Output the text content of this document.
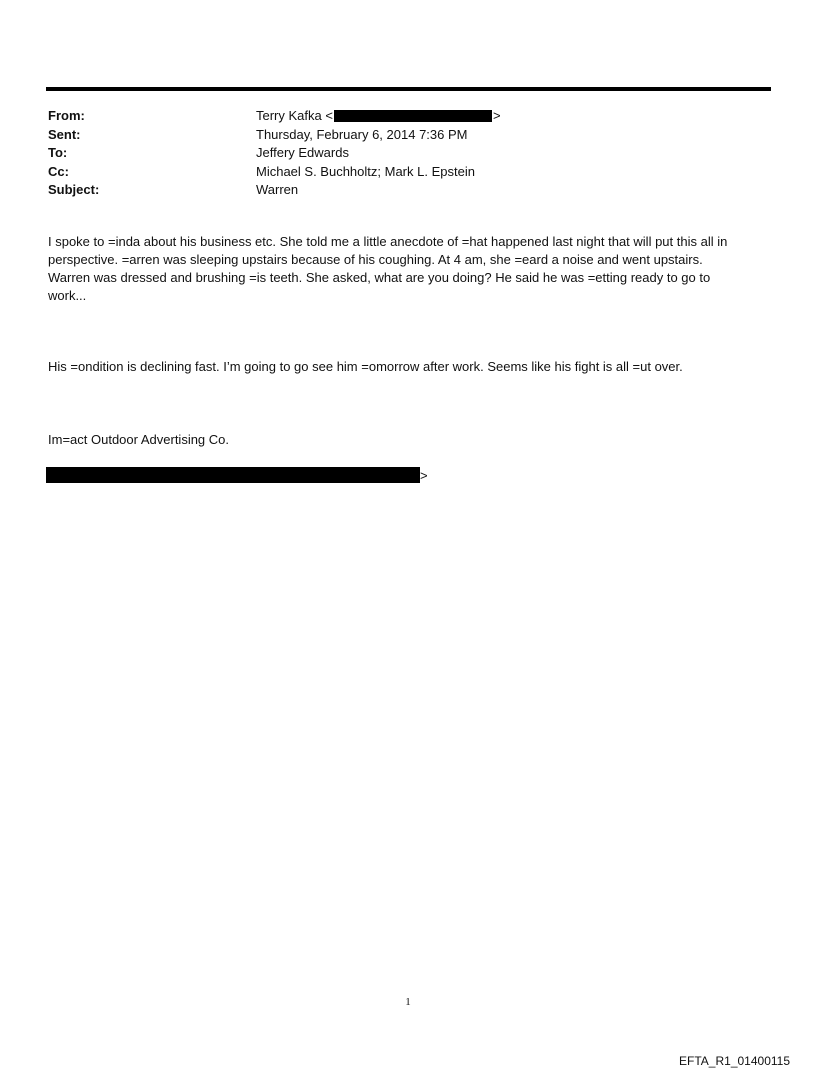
From:	Terry Kafka <	>
Sent:	Thursday, February 6, 2014 7:36 PM
To:	Jeffery Edwards
Cc:	Michael S. Buchholtz; Mark L. Epstein
Subject:	Warren
I spoke to =inda about his business etc. She told me a little anecdote of =hat happened last night that will put this all in
perspective. =arren was sleeping upstairs because of his coughing. At 4 am, she =eard a noise and went upstairs.
Warren was dressed and brushing =is teeth. She asked, what are you doing? He said he was =etting ready to go to
work...
His =ondition is declining fast. I’m going to go see him =omorrow after work. Seems like his fight is all =ut over.
Im=act Outdoor Advertising Co.
>
1
EFTA_R1_01400115
